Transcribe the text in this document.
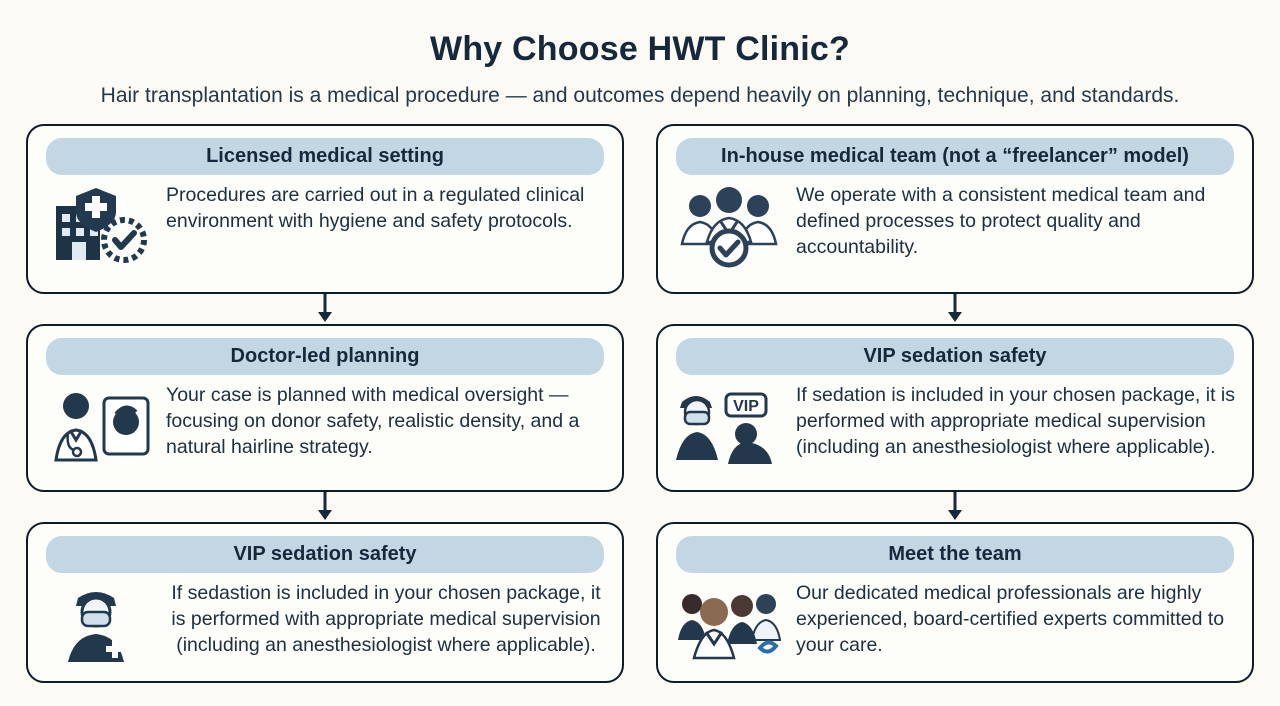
Why Choose HWT Clinic?
Hair transplantation is a medical procedure — and outcomes depend heavily on planning, technique, and standards.
Licensed medical setting
Procedures are carried out in a regulated clinical environment with hygiene and safety protocols.
Doctor-led planning
Your case is planned with medical oversight — focusing on donor safety, realistic density, and a natural hairline strategy.
VIP sedation safety
If sedastion is included in your chosen package, it is performed with appropriate medical supervision (including an anesthesiologist where applicable).
In-house medical team (not a “freelancer” model)
We operate with a consistent medical team and defined processes to protect quality and accountability.
VIP sedation safety
VIP
If sedation is included in your chosen package, it is performed with appropriate medical supervision (including an anesthesiologist where applicable).
Meet the team
Our dedicated medical professionals are highly experienced, board-certified experts committed to your care.
